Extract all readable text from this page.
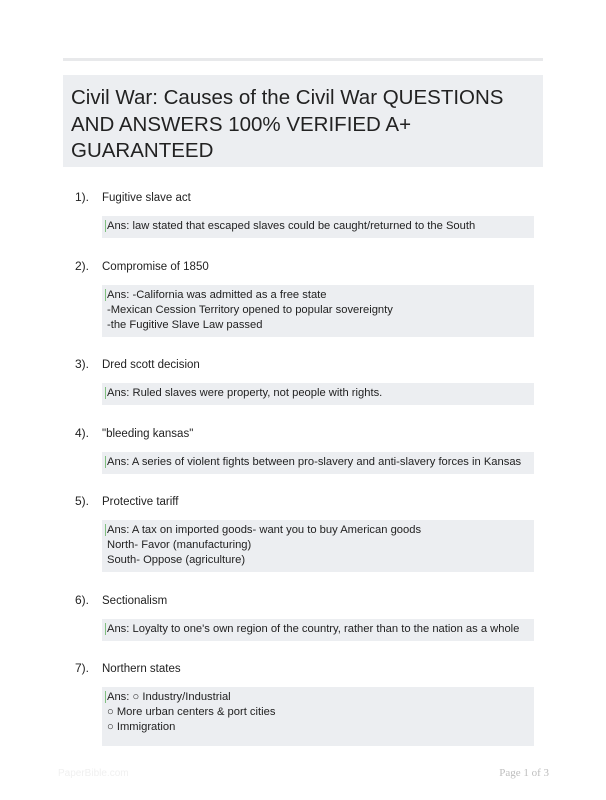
Civil War: Causes of the Civil War QUESTIONS AND ANSWERS 100% VERIFIED A+ GUARANTEED
1). Fugitive slave act
Ans: law stated that escaped slaves could be caught/returned to the South
2). Compromise of 1850
Ans: -California was admitted as a free state
-Mexican Cession Territory opened to popular sovereignty
-the Fugitive Slave Law passed
3). Dred scott decision
Ans: Ruled slaves were property, not people with rights.
4). "bleeding kansas"
Ans: A series of violent fights between pro-slavery and anti-slavery forces in Kansas
5). Protective tariff
Ans: A tax on imported goods- want you to buy American goods
North- Favor (manufacturing)
South- Oppose (agriculture)
6). Sectionalism
Ans: Loyalty to one's own region of the country, rather than to the nation as a whole
7). Northern states
Ans: ○ Industry/Industrial
○ More urban centers & port cities
○ Immigration
PaperBible.com	Page 1 of 3
